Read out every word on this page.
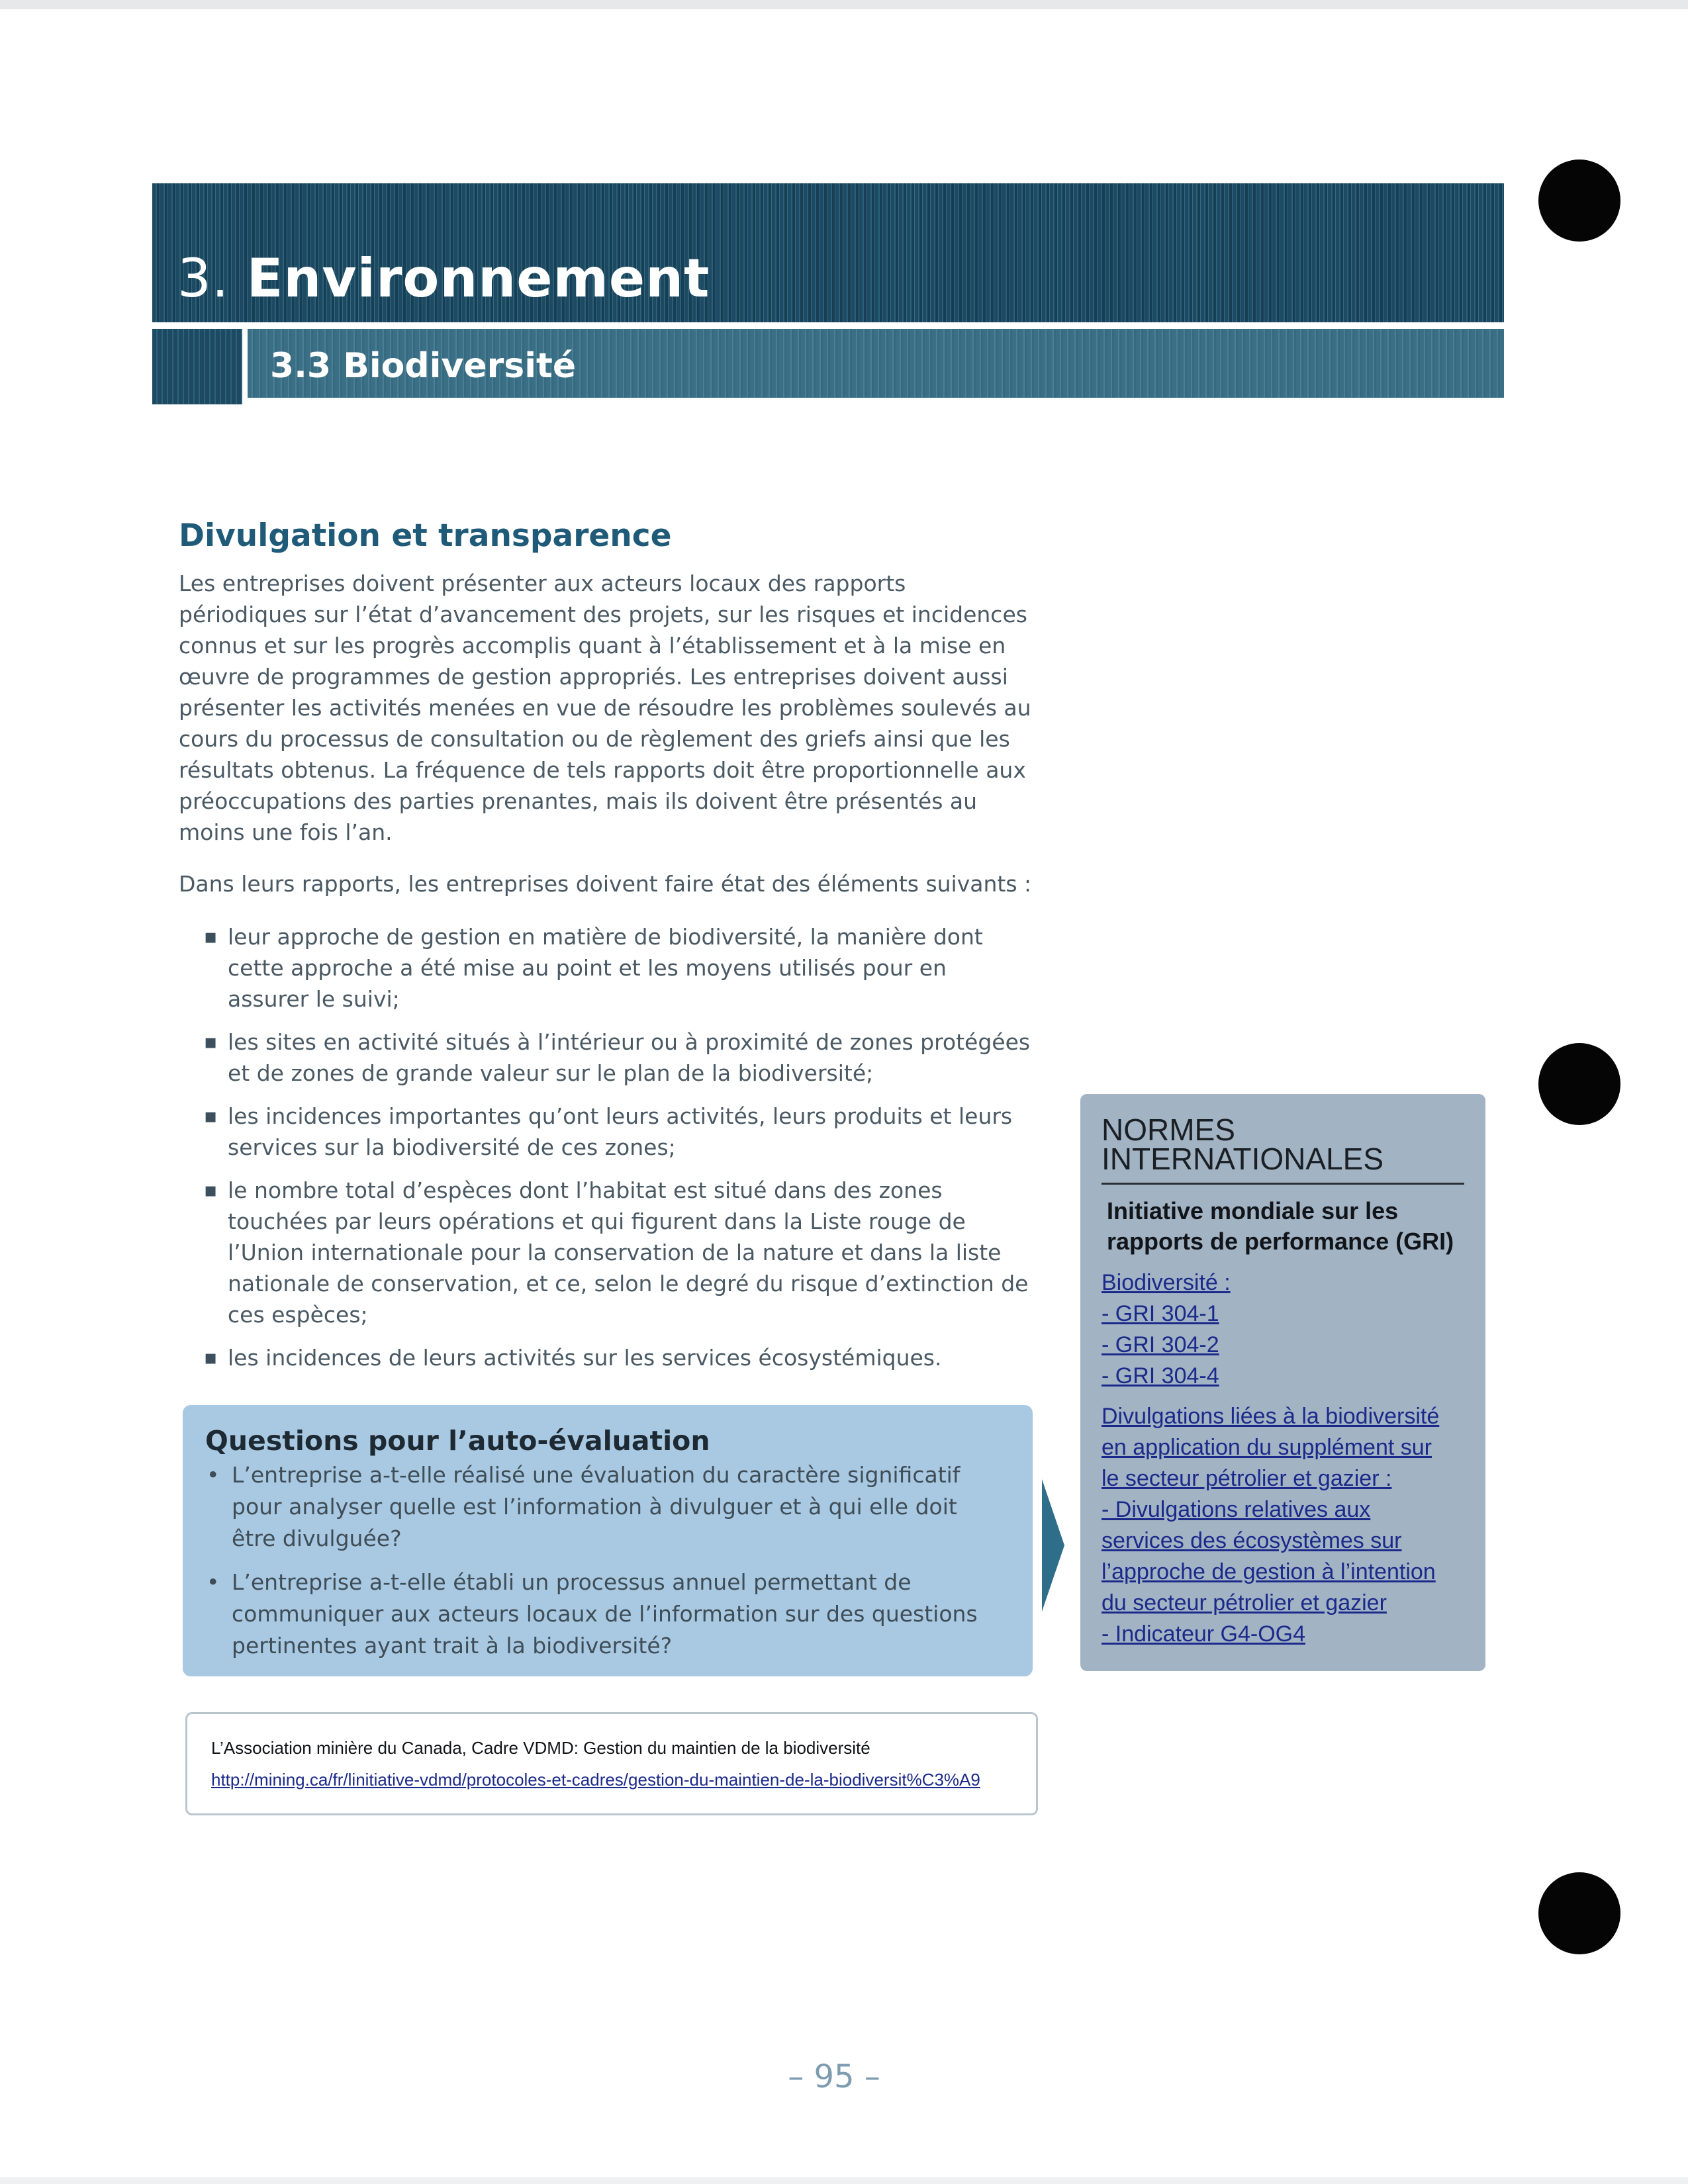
3. Environnement
3.3 Biodiversité
Divulgation et transparence

Les entreprises doivent présenter aux acteurs locaux des rapports périodiques sur l’état d’avancement des projets, sur les risques et incidences connus et sur les progrès accomplis quant à l’établissement et à la mise en œuvre de programmes de gestion appropriés. Les entreprises doivent aussi présenter les activités menées en vue de résoudre les problèmes soulevés au cours du processus de consultation ou de règlement des griefs ainsi que les résultats obtenus. La fréquence de tels rapports doit être proportionnelle aux préoccupations des parties prenantes, mais ils doivent être présentés au moins une fois l’an.

Dans leurs rapports, les entreprises doivent faire état des éléments suivants :

▪ leur approche de gestion en matière de biodiversité, la manière dont cette approche a été mise au point et les moyens utilisés pour en assurer le suivi;
▪ les sites en activité situés à l’intérieur ou à proximité de zones protégées et de zones de grande valeur sur le plan de la biodiversité;
▪ les incidences importantes qu’ont leurs activités, leurs produits et leurs services sur la biodiversité de ces zones;
▪ le nombre total d’espèces dont l’habitat est situé dans des zones touchées par leurs opérations et qui figurent dans la Liste rouge de l’Union internationale pour la conservation de la nature et dans la liste nationale de conservation, et ce, selon le degré du risque d’extinction de ces espèces;
▪ les incidences de leurs activités sur les services écosystémiques.
Questions pour l’auto-évaluation
• L’entreprise a-t-elle réalisé une évaluation du caractère significatif pour analyser quelle est l’information à divulguer et à qui elle doit être divulguée?
• L’entreprise a-t-elle établi un processus annuel permettant de communiquer aux acteurs locaux de l’information sur des questions pertinentes ayant trait à la biodiversité?
NORMES INTERNATIONALES
Initiative mondiale sur les rapports de performance (GRI)
Biodiversité :
- GRI 304-1
- GRI 304-2
- GRI 304-4
Divulgations liées à la biodiversité
en application du supplément sur
le secteur pétrolier et gazier :
- Divulgations relatives aux
services des écosystèmes sur
l’approche de gestion à l’intention
du secteur pétrolier et gazier
- Indicateur G4-OG4
L’Association minière du Canada, Cadre VDMD: Gestion du maintien de la biodiversité
http://mining.ca/fr/linitiative-vdmd/protocoles-et-cadres/gestion-du-maintien-de-la-biodiversit%C3%A9
– 95 –
